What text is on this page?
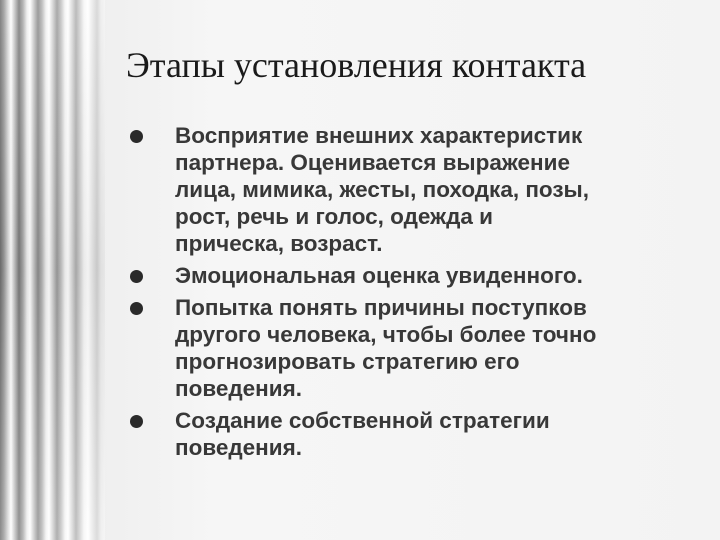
Этапы установления контакта
Восприятие внешних характеристик
партнера. Оценивается выражение
лица, мимика, жесты, походка, позы,
рост, речь и голос, одежда и
прическа, возраст.
Эмоциональная оценка увиденного.
Попытка понять причины поступков
другого человека, чтобы более точно
прогнозировать стратегию его
поведения.
Создание собственной стратегии
поведения.
